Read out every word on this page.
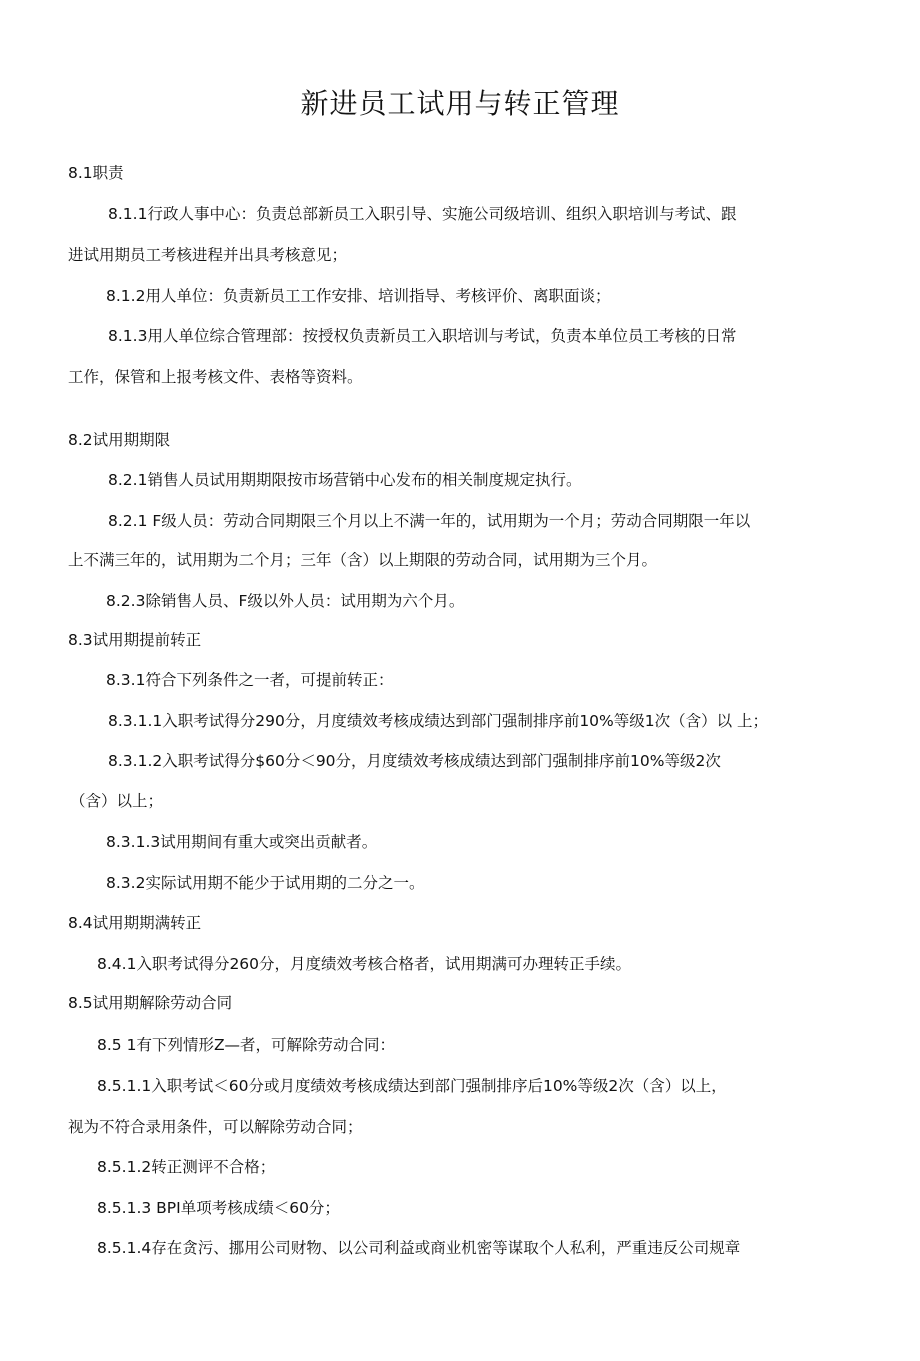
新进员工试用与转正管理
8.1职责
8.1.1行政人事中心：负责总部新员工入职引导、实施公司级培训、组织入职培训与考试、跟
进试用期员工考核进程并出具考核意见；
8.1.2用人单位：负责新员工工作安排、培训指导、考核评价、离职面谈；
8.1.3用人单位综合管理部：按授权负责新员工入职培训与考试，负责本单位员工考核的日常
工作，保管和上报考核文件、表格等资料。
8.2试用期期限
8.2.1销售人员试用期期限按市场营销中心发布的相关制度规定执行。
8.2.1 F级人员：劳动合同期限三个月以上不满一年的，试用期为一个月；劳动合同期限一年以
上不满三年的，试用期为二个月；三年（含）以上期限的劳动合同，试用期为三个月。
8.2.3除销售人员、F级以外人员：试用期为六个月。
8.3试用期提前转正
8.3.1符合下列条件之一者，可提前转正：
8.3.1.1入职考试得分290分，月度绩效考核成绩达到部门强制排序前10%等级1次（含）以 上；
8.3.1.2入职考试得分$60分＜90分，月度绩效考核成绩达到部门强制排序前10%等级2次
（含）以上；
8.3.1.3试用期间有重大或突出贡献者。
8.3.2实际试用期不能少于试用期的二分之一。
8.4试用期期满转正
8.4.1入职考试得分260分，月度绩效考核合格者，试用期满可办理转正手续。
8.5试用期解除劳动合同
8.5 1有下列情形Z—者，可解除劳动合同：
8.5.1.1入职考试＜60分或月度绩效考核成绩达到部门强制排序后10%等级2次（含）以上，
视为不符合录用条件，可以解除劳动合同；
8.5.1.2转正测评不合格；
8.5.1.3 BPI单项考核成绩＜60分；
8.5.1.4存在贪污、挪用公司财物、以公司利益或商业机密等谋取个人私利，严重违反公司规章
